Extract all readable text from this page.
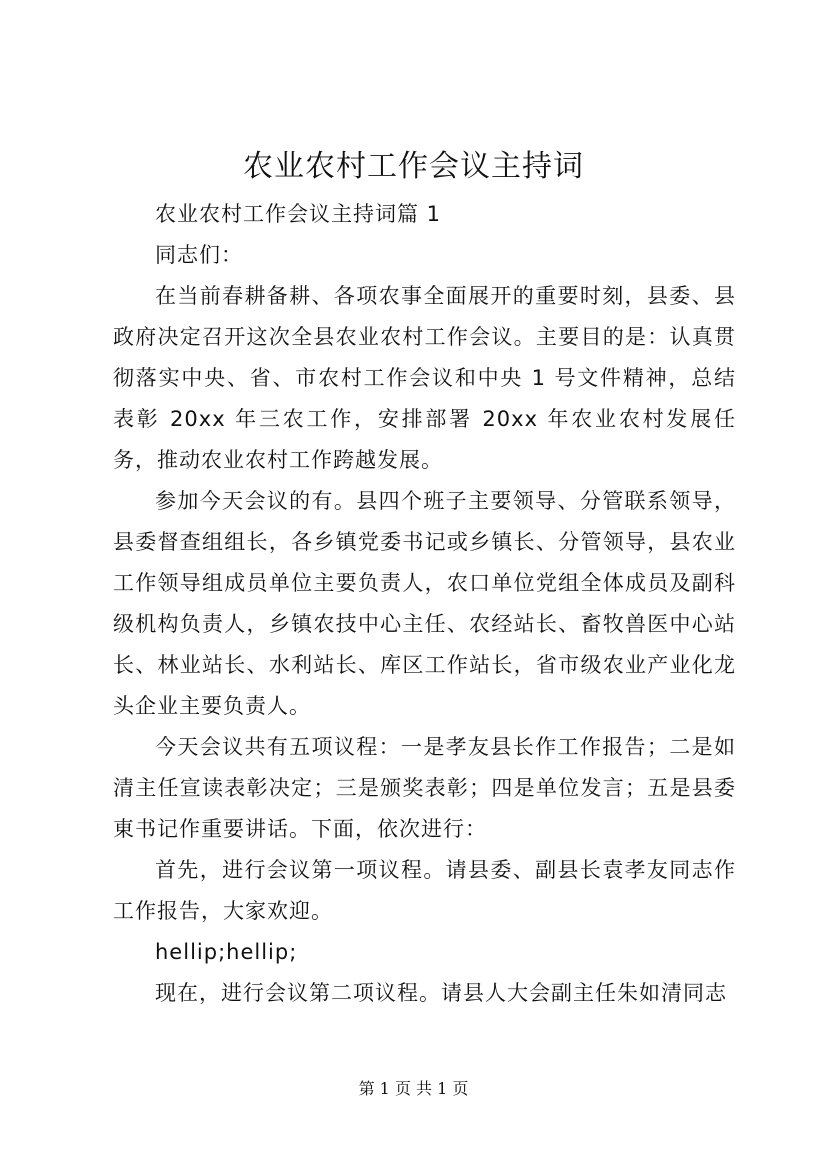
农业农村工作会议主持词

农业农村工作会议主持词篇 1

同志们：

在当前春耕备耕、各项农事全面展开的重要时刻，县委、县政府决定召开这次全县农业农村工作会议。主要目的是：认真贯彻落实中央、省、市农村工作会议和中央 1 号文件精神，总结表彰 20xx 年三农工作，安排部署 20xx 年农业农村发展任务，推动农业农村工作跨越发展。

参加今天会议的有。县四个班子主要领导、分管联系领导，县委督查组组长，各乡镇党委书记或乡镇长、分管领导，县农业工作领导组成员单位主要负责人，农口单位党组全体成员及副科级机构负责人，乡镇农技中心主任、农经站长、畜牧兽医中心站长、林业站长、水利站长、库区工作站长，省市级农业产业化龙头企业主要负责人。

今天会议共有五项议程：一是孝友县长作工作报告；二是如清主任宣读表彰决定；三是颁奖表彰；四是单位发言；五是县委東书记作重要讲话。下面，依次进行：

首先，进行会议第一项议程。请县委、副县长袁孝友同志作工作报告，大家欢迎。

hellip;hellip;

现在，进行会议第二项议程。请县人大会副主任朱如清同志

第 1 页 共 1 页
